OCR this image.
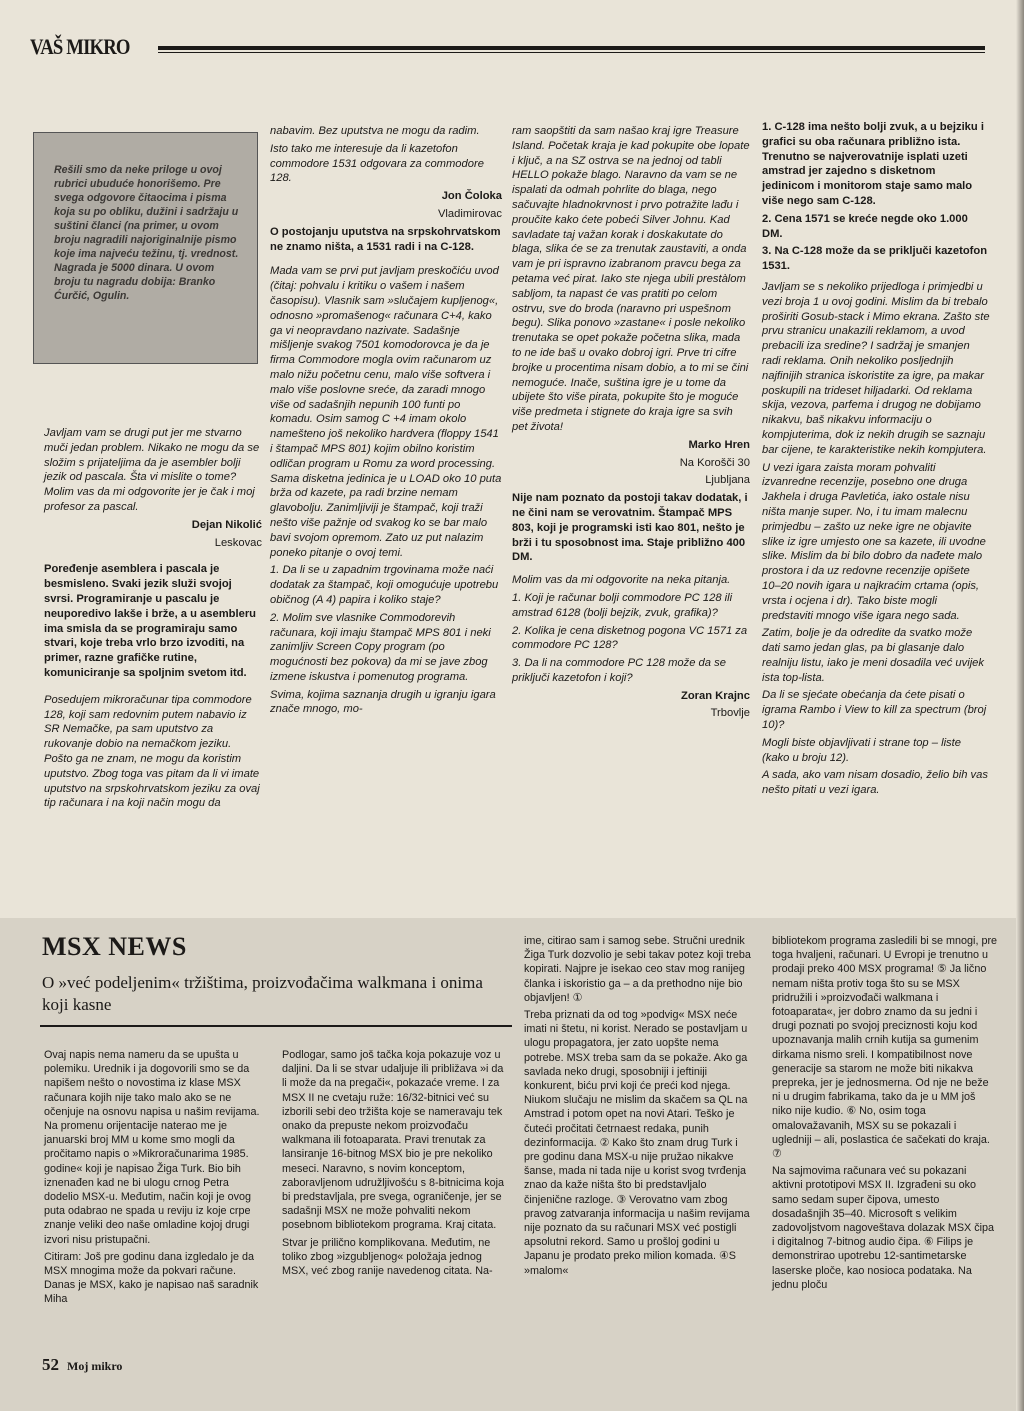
VAŠ MIKRO

Rešili smo da neke priloge u ovoj rubrici ubuduće honorišemo. Pre svega odgovore čitaocima i pisma koja su po obliku, dužini i sadržaju u suštini članci (na primer, u ovom broju nagradili najoriginalnije pismo koje ima najveću težinu, tj. vrednost. Nagrada je 5000 dinara. U ovom broju tu nagradu dobija: Branko Ćurčić, Ogulin.

Javljam vam se drugi put jer me stvarno muči jedan problem. Nikako ne mogu da se složim s prijateljima da je asembler bolji jezik od pascala. Šta vi mislite o tome? Molim vas da mi odgovorite jer je čak i moj profesor za pascal.

Dejan Nikolić

Leskovac

Poređenje asemblera i pascala je besmisleno. Svaki jezik služi svojoj svrsi. Programiranje u pascalu je neuporedivo lakše i brže, a u asembleru ima smisla da se programiraju samo stvari, koje treba vrlo brzo izvoditi, na primer, razne grafičke rutine, komuniciranje sa spoljnim svetom itd.

Posedujem mikroračunar tipa commodore 128, koji sam redovnim putem nabavio iz SR Nemačke, pa sam uputstvo za rukovanje dobio na nemačkom jeziku. Pošto ga ne znam, ne mogu da koristim uputstvo. Zbog toga vas pitam da li vi imate uputstvo na srpskohrvatskom jeziku za ovaj tip računara i na koji način mogu da

nabavim. Bez uputstva ne mogu da radim.

Isto tako me interesuje da li kazetofon commodore 1531 odgovara za commodore 128.

Jon Čoloka

Vladimirovac

O postojanju uputstva na srpskohrvatskom ne znamo ništa, a 1531 radi i na C-128.

Mada vam se prvi put javljam preskočiću uvod (čitaj: pohvalu i kritiku o vašem i našem časopisu). Vlasnik sam »slučajem kupljenog«, odnosno »promašenog« računara C+4, kako ga vi neopravdano nazivate. Sadašnje mišljenje svakog 7501 komodorovca je da je firma Commodore mogla ovim računarom uz malo nižu početnu cenu, malo više softvera i malo više poslovne sreće, da zaradi mnogo više od sadašnjih nepunih 100 funti po komadu. Osim samog C +4 imam okolo namešteno još nekoliko hardvera (floppy 1541 i štampač MPS 801) kojim obilno koristim odličan program u Romu za word processing. Sama disketna jedinica je u LOAD oko 10 puta brža od kazete, pa radi brzine nemam glavobolju. Zanimljiviji je štampač, koji traži nešto više pažnje od svakog ko se bar malo bavi svojom opremom. Zato uz put nalazim poneko pitanje o ovoj temi.

1. Da li se u zapadnim trgovinama može naći dodatak za štampač, koji omogućuje upotrebu običnog (A 4) papira i koliko staje?

2. Molim sve vlasnike Commodorevih računara, koji imaju štampač MPS 801 i neki zanimljiv Screen Copy program (po mogućnosti bez pokova) da mi se javе zbog izmene iskustva i pomenutog programa.

Svima, kojima saznanja drugih u igranju igara znače mnogo, mo-

ram saopštiti da sam našao kraj igre Treasure Island. Početak kraja je kad pokupite obe lopate i ključ, a na SZ ostrva se na jednoj od tabli HELLO pokaže blago. Naravno da vam se ne ispalati da odmah pohrlite do blaga, nego sačuvajte hladnokrvnost i prvo potražite lađu i proučite kako ćete pobeći Silver Johnu. Kad savladate taj važan korak i doskakutate do blaga, slika će se za trenutak zaustaviti, a onda vam je pri ispravno izabranom pravcu bega za petama već pirat. Iako ste njega ubili prestàlom sabljom, ta napast će vas pratiti po celom ostrvu, sve do broda (naravno pri uspešnom begu). Slika ponovo »zastane« i posle nekoliko trenutaka se opet pokaže početna slika, mada to ne ide baš u ovako dobroj igri. Prve tri cifre brojke u procentima nisam dobio, a to mi se čini nemoguće. Inače, suština igre je u tome da ubijete što više pirata, pokupite što je moguće više predmeta i stignete do kraja igre sa svih pet života!

Marko Hren

Na Korošči 30

Ljubljana

Nije nam poznato da postoji takav dodatak, i ne čini nam se verovatnim. Štampač MPS 803, koji je programski isti kao 801, nešto je brži i tu sposobnost ima. Staje približno 400 DM.

Molim vas da mi odgovorite na neka pitanja.

1. Koji je računar bolji commodore PC 128 ili amstrad 6128 (bolji bejzik, zvuk, grafika)?

2. Kolika je cena disketnog pogona VC 1571 za commodore PC 128?

3. Da li na commodore PC 128 može da se priključi kazetofon i koji?

Zoran Krajnc

Trbovlje

1. C-128 ima nešto bolji zvuk, a u bejziku i grafici su oba računara približno ista. Trenutno se najverovatnije isplati uzeti amstrad jer zajedno s disketnom jedinicom i monitorom staje samo malo više nego sam C-128.

2. Cena 1571 se kreće negde oko 1.000 DM.

3. Na C-128 može da se priključi kazetofon 1531.

Javljam se s nekoliko prijedloga i primjedbi u vezi broja 1 u ovoj godini. Mislim da bi trebalo proširiti Gosub-stack i Mimo ekrana. Zašto ste prvu stranicu unakazili reklamom, a uvod prebacili iza sredine? I sadržaj je smanjen radi reklama. Onih nekoliko posljednjih najfinijih stranica iskoristite za igre, pa makar poskupili na trideset hiljadarki. Od reklama skija, vezova, parfema i drugog ne dobijamo nikakvu, baš nikakvu informaciju o kompjuterima, dok iz nekih drugih se saznaju bar cijene, te karakteristike nekih kompjutera.

U vezi igara zaista moram pohvaliti izvanredne recenzije, posebno one druga Jakhela i druga Pavletića, iako ostale nisu ništa manje super. No, i tu imam malecnu primjedbu – zašto uz neke igre ne objavite slike iz igre umjesto one sa kazete, ili uvodne slike. Mislim da bi bilo dobro da nađete malo prostora i da uz redovne recenzije opišete 10–20 novih igara u najkraćim crtama (opis, vrsta i ocjena i dr). Tako biste mogli predstaviti mnogo više igara nego sada.

Zatim, bolje je da odredite da svatko može dati samo jedan glas, pa bi glasanje dalo realniju listu, iako je meni dosadila već uvijek ista top-lista.

Da li se sjećate obećanja da ćete pisati o igrama Rambo i View to kill za spectrum (broj 10)?

Mogli biste objavljivati i strane top – liste (kako u broju 12).

A sada, ako vam nisam dosadio, želio bih vas nešto pitati u vezi igara.

MSX NEWS
O »već podeljenim« tržištima, proizvođačima walkmana i onima koji kasne

Ovaj napis nema nameru da se upušta u polemiku. Urednik i ja dogovorili smo se da napišem nešto o novostima iz klase MSX računara kojih nije tako malo ako se ne očenjuje na osnovu napisa u našim revijama. Na promenu orijentacije naterao me je januarski broj MM u kome smo mogli da pročitamo napis o »Mikroračunarima 1985. godine« koji je napisao Žiga Turk. Bio bih iznenađen kad ne bi ulogu crnog Petra dodelio MSX-u. Međutim, način koji je ovog puta odabrao ne spada u reviju iz koje crpe znanje veliki deo naše omladine kojoj drugi izvori nisu pristupačni.

Citiram: Još pre godinu dana izgledalo je da MSX mnogima može da pokvari račune. Danas je MSX, kako je napisao naš saradnik Miha

Podlogar, samo još tačka koja pokazuje voz u daljini. Da li se stvar udaljuje ili približava »i da li može da na pregači«, pokazaće vreme. I za MSX II ne cvetaju ruže: 16/32-bitnici već su izborili sebi deo tržišta koje se nameravaju tek onako da prepuste nekom proizvođaču walkmana ili fotoaparata. Pravi trenutak za lansiranje 16-bitnog MSX bio je pre nekoliko meseci. Naravno, s novim konceptom, zaboravljenom udružljivošću s 8-bitnicima koja bi predstavljala, pre svega, ograničenje, jer se sadašnji MSX ne može pohvaliti nekom posebnom bibliotekom programa. Kraj citata.

Stvar je prilično komplikovana. Međutim, ne toliko zbog »izgubljenog« položaja jednog MSX, već zbog ranije navedenog citata. Na-

ime, citirao sam i samog sebe. Stručni urednik Žiga Turk dozvolio je sebi takav potez koji treba kopirati. Najpre je isekao ceo stav mog ranijeg članka i iskoristio ga – a da prethodno nije bio objavljen! ①

Treba priznati da od tog »podvig« MSX neće imati ni štetu, ni korist. Nerado se postavljam u ulogu propagatora, jer zato uopšte nema potrebe. MSX treba sam da se pokaže. Ako ga savlada neko drugi, sposobniji i jeftiniji konkurent, biću prvi koji će preći kod njega. Niukom slučaju ne mislim da skačem sa QL na Amstrad i potom opet na novi Atari. Teško je čuteći pročitati četrnaest redaka, punih dezinformacija. ② Kako što znam drug Turk i pre godinu dana MSX-u nije pružao nikakve šanse, mada ni tada nije u korist svog tvrđenja znao da kaže ništa što bi predstavljalo činjenične razloge. ③ Verovatno vam zbog pravog zatvaranja informacija u našim revijama nije poznato da su računari MSX već postigli apsolutni rekord. Samo u prošloj godini u Japanu je prodato preko milion komada. ④S »malom«

bibliotekom programa zasledili bi se mnogi, pre toga hvaljeni, računari. U Evropi je trenutno u prodaji preko 400 MSX programa! ⑤ Ja lično nemam ništa protiv toga što su se MSX pridružili i »proizvođači walkmana i fotoaparata«, jer dobro znamo da su jedni i drugi poznati po svojoj preciznosti koju kod upoznavanja malih crnih kutija sa gumenim dirkama nismo sreli. I kompatibilnost nove generacije sa starom ne može biti nikakva prepreka, jer je jednosmerna. Od nje ne beže ni u drugim fabrikama, tako da je u MM još niko nije kudio. ⑥ No, osim toga omalovažavanih, MSX su se pokazali i ugledniji – ali, poslastica će sačekati do kraja. ⑦

Na sajmovima računara već su pokazani aktivni prototipovi MSX II. Izgrađeni su oko samo sedam super čipova, umesto dosadašnjih 35–40. Microsoft s velikim zadovoljstvom nagoveštava dolazak MSX čipa i digitalnog 7-bitnog audio čipa. ⑥ Filips je demonstrirao upotrebu 12-santimetarske laserske ploče, kao nosioca podataka. Na jednu ploču

52 Moj mikro
